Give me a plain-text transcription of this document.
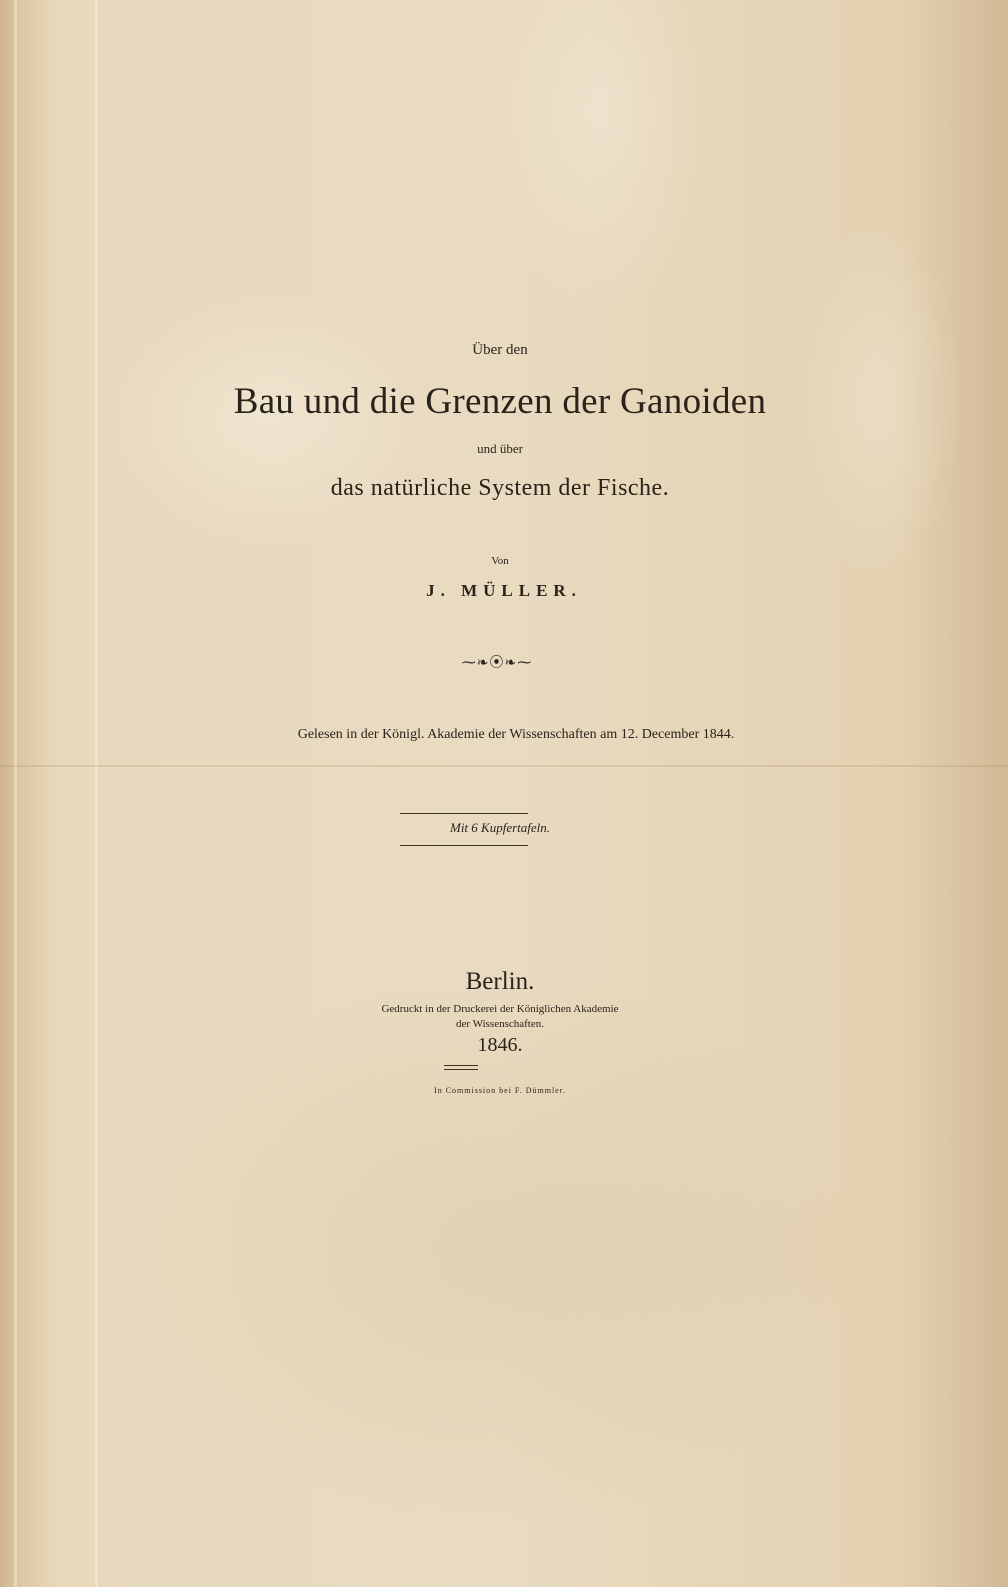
Über den
Bau und die Grenzen der Ganoiden
und über
das natürliche System der Fische.
Von
J. MÜLLER.
⁓❧⦿❧⁓
Gelesen in der Königl. Akademie der Wissenschaften am 12. December 1844.
Mit 6 Kupfertafeln.
Berlin.
Gedruckt in der Druckerei der Königlichen Akademie
der Wissenschaften.
1846.
In Commission bei F. Dümmler.
